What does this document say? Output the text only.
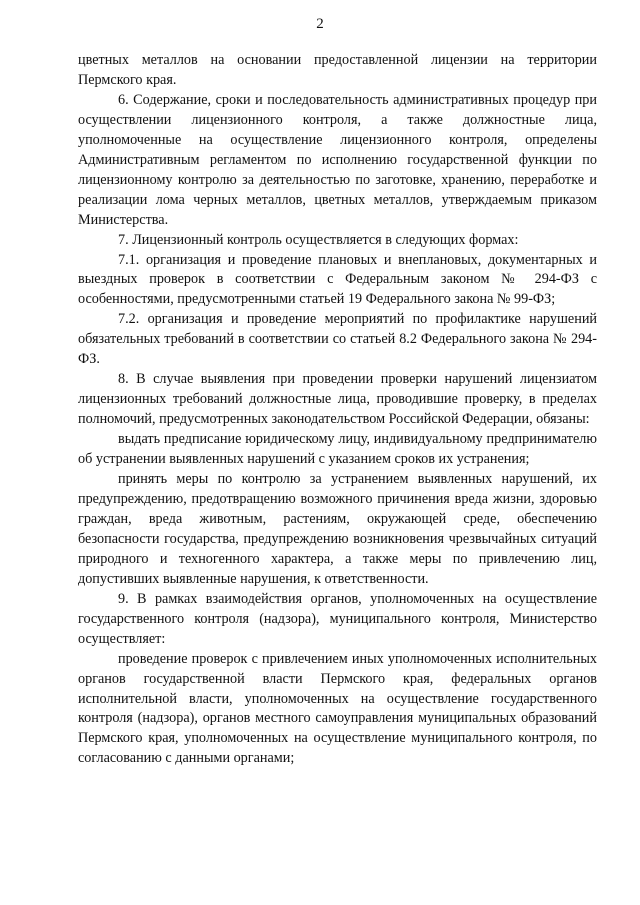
2

цветных металлов на основании предоставленной лицензии на территории Пермского края.

6. Содержание, сроки и последовательность административных процедур при осуществлении лицензионного контроля, а также должностные лица, уполномоченные на осуществление лицензионного контроля, определены Административным регламентом по исполнению государственной функции по лицензионному контролю за деятельностью по заготовке, хранению, переработке и реализации лома черных металлов, цветных металлов, утверждаемым приказом Министерства.

7. Лицензионный контроль осуществляется в следующих формах:

7.1. организация и проведение плановых и внеплановых, документарных и выездных проверок в соответствии с Федеральным законом № 294-ФЗ с особенностями, предусмотренными статьей 19 Федерального закона № 99-ФЗ;

7.2. организация и проведение мероприятий по профилактике нарушений обязательных требований в соответствии со статьей 8.2 Федерального закона № 294-ФЗ.

8. В случае выявления при проведении проверки нарушений лицензиатом лицензионных требований должностные лица, проводившие проверку, в пределах полномочий, предусмотренных законодательством Российской Федерации, обязаны:

выдать предписание юридическому лицу, индивидуальному предпринимателю об устранении выявленных нарушений с указанием сроков их устранения;

принять меры по контролю за устранением выявленных нарушений, их предупреждению, предотвращению возможного причинения вреда жизни, здоровью граждан, вреда животным, растениям, окружающей среде, обеспечению безопасности государства, предупреждению возникновения чрезвычайных ситуаций природного и техногенного характера, а также меры по привлечению лиц, допустивших выявленные нарушения, к ответственности.

9. В рамках взаимодействия органов, уполномоченных на осуществление государственного контроля (надзора), муниципального контроля, Министерство осуществляет:

проведение проверок с привлечением иных уполномоченных исполнительных органов государственной власти Пермского края, федеральных органов исполнительной власти, уполномоченных на осуществление государственного контроля (надзора), органов местного самоуправления муниципальных образований Пермского края, уполномоченных на осуществление муниципального контроля, по согласованию с данными органами;
